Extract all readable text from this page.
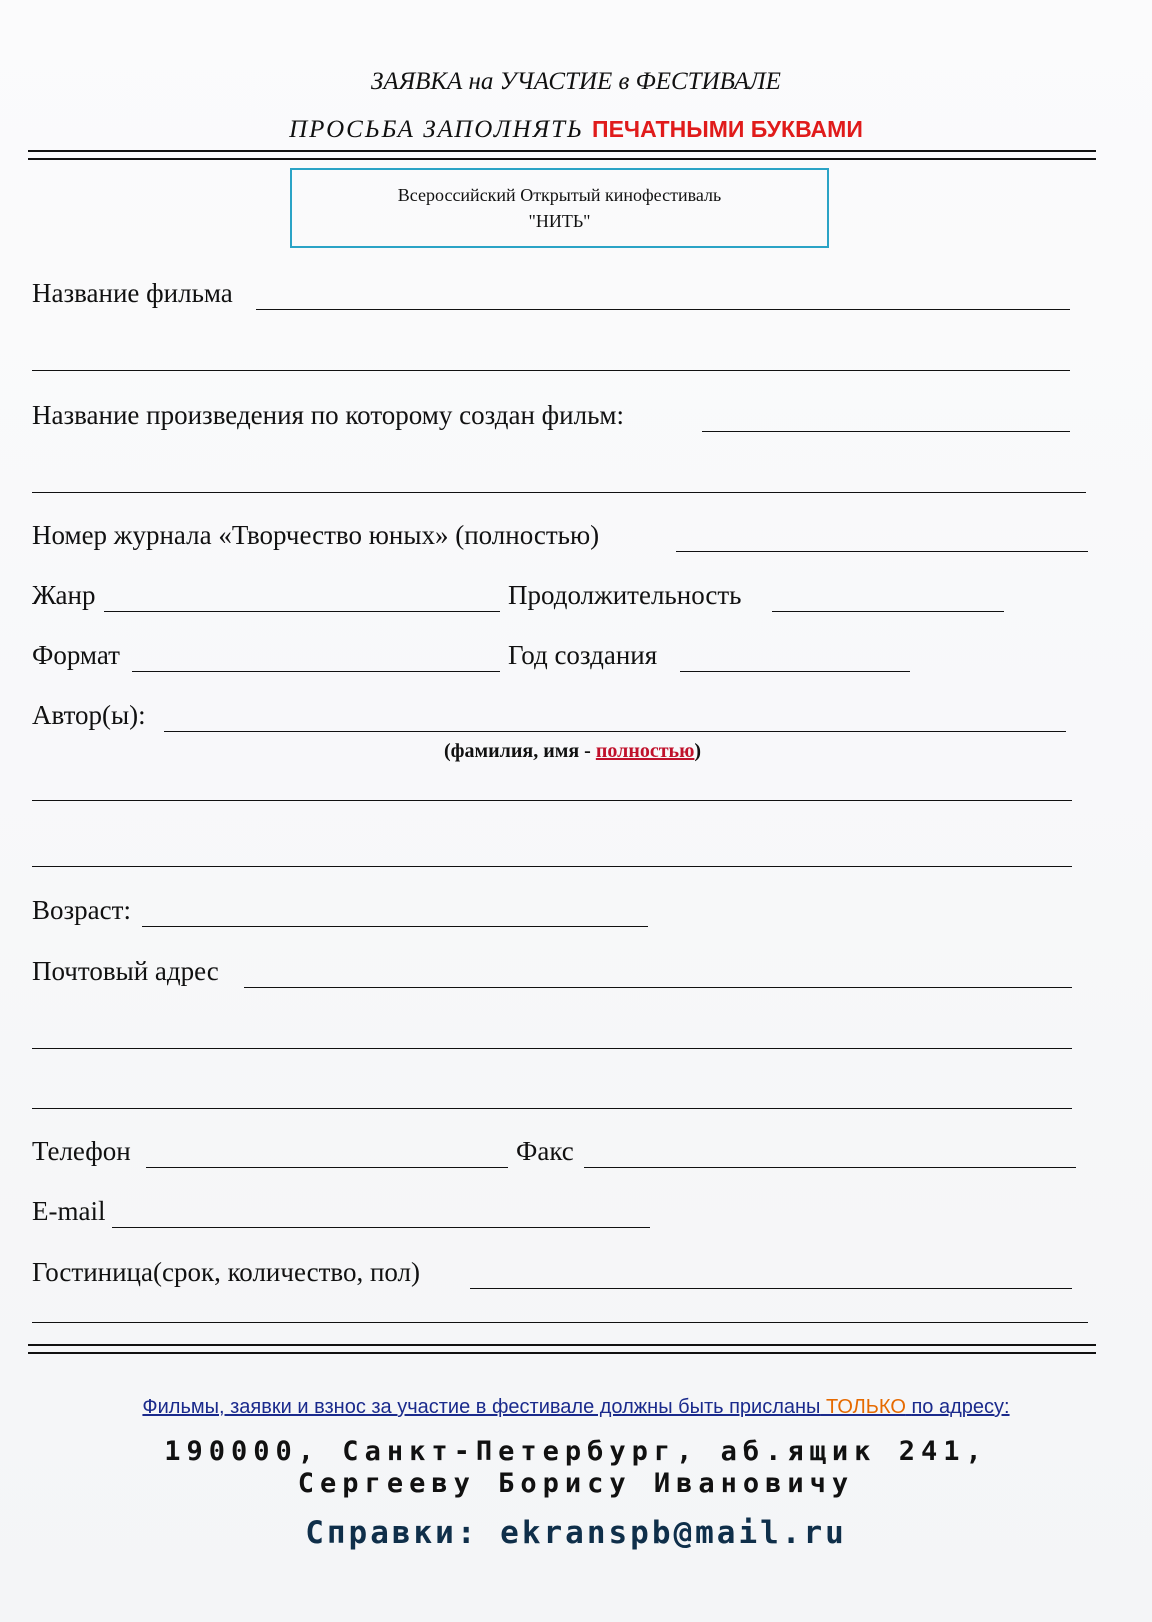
ЗАЯВКА на УЧАСТИЕ в ФЕСТИВАЛЕ
ПРОСЬБА ЗАПОЛНЯТЬ ПЕЧАТНЫМИ БУКВАМИ
Всероссийский Открытый кинофестиваль
"НИТЬ"
Название фильма
Название произведения по которому создан фильм:
Номер журнала «Творчество юных» (полностью)
Жанр	Продолжительность
Формат	Год создания
Автор(ы):
(фамилия, имя - полностью)
Возраст:
Почтовый адрес
Телефон	Факс
E-mail
Гостиница(срок, количество, пол)
Фильмы, заявки и взнос за участие в фестивале должны быть присланы ТОЛЬКО по адресу:
190000, Санкт-Петербург, аб.ящик 241,
Сергееву Борису Ивановичу
Справки: ekranspb@mail.ru
